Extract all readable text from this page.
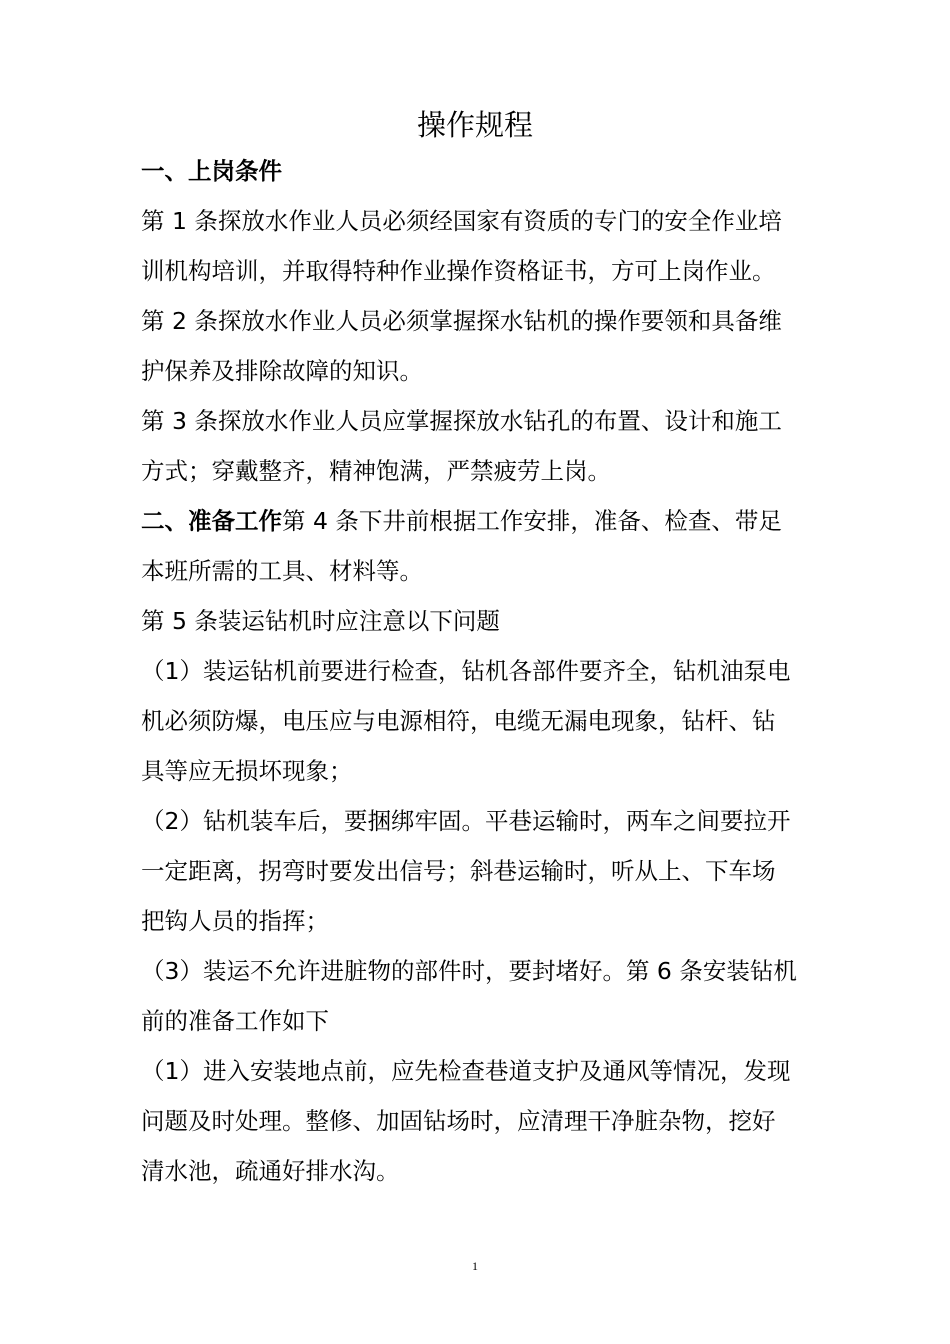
操作规程

一、上岗条件

第 1 条探放水作业人员必须经国家有资质的专门的安全作业培

训机构培训，并取得特种作业操作资格证书，方可上岗作业。

第 2 条探放水作业人员必须掌握探水钻机的操作要领和具备维

护保养及排除故障的知识。

第 3 条探放水作业人员应掌握探放水钻孔的布置、设计和施工

方式；穿戴整齐，精神饱满，严禁疲劳上岗。

二、准备工作第 4 条下井前根据工作安排，准备、检查、带足

本班所需的工具、材料等。

第 5 条装运钻机时应注意以下问题

（1）装运钻机前要进行检查，钻机各部件要齐全，钻机油泵电

机必须防爆，电压应与电源相符，电缆无漏电现象，钻杆、钻

具等应无损坏现象；

（2）钻机装车后，要捆绑牢固。平巷运输时，两车之间要拉开

一定距离，拐弯时要发出信号；斜巷运输时，听从上、下车场

把钩人员的指挥；

（3）装运不允许进脏物的部件时，要封堵好。第 6 条安装钻机

前的准备工作如下

（1）进入安装地点前，应先检查巷道支护及通风等情况，发现

问题及时处理。整修、加固钻场时，应清理干净脏杂物，挖好

清水池，疏通好排水沟。

1
